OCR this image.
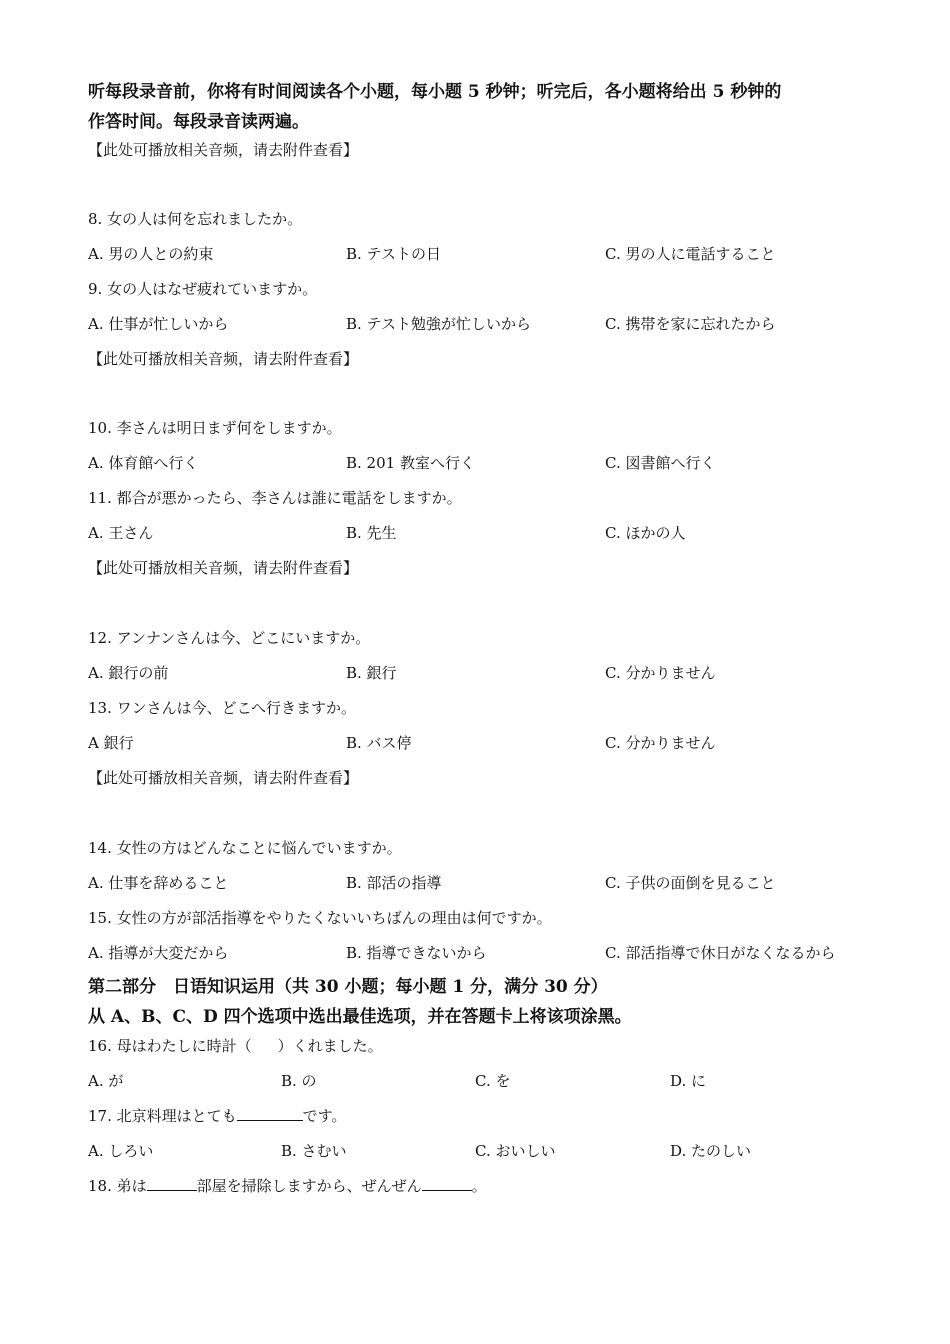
听每段录音前，你将有时间阅读各个小题，每小题 5 秒钟；听完后，各小题将给出 5 秒钟的
作答时间。每段录音读两遍。
【此处可播放相关音频，请去附件查看】
8. 女の人は何を忘れましたか。
A. 男の人との約束	B. テストの日	C. 男の人に電話すること
9. 女の人はなぜ疲れていますか。
A. 仕事が忙しいから	B. テスト勉強が忙しいから	C. 携帯を家に忘れたから
【此处可播放相关音频，请去附件查看】
10. 李さんは明日まず何をしますか。
A. 体育館へ行く	B. 201 教室へ行く	C. 図書館へ行く
11. 都合が悪かったら、李さんは誰に電話をしますか。
A. 王さん	B. 先生	C. ほかの人
【此处可播放相关音频，请去附件查看】
12. アンナンさんは今、どこにいますか。
A. 銀行の前	B. 銀行	C. 分かりません
13. ワンさんは今、どこへ行きますか。
A 銀行	B. バス停	C. 分かりません
【此处可播放相关音频，请去附件查看】
14. 女性の方はどんなことに悩んでいますか。
A. 仕事を辞めること	B. 部活の指導	C. 子供の面倒を見ること
15. 女性の方が部活指導をやりたくないいちばんの理由は何ですか。
A. 指導が大変だから	B. 指導できないから	C. 部活指導で休日がなくなるから
第二部分　日语知识运用（共 30 小题；每小题 1 分，满分 30 分）
从 A、B、C、D 四个选项中选出最佳选项，并在答题卡上将该项涂黑。
16. 母はわたしに時計（ ）くれました。
A. が	B. の	C. を	D. に
17. 北京料理はとても	です。
A. しろい	B. さむい	C. おいしい	D. たのしい
18. 弟は	部屋を掃除しますから、ぜんぜん	。
